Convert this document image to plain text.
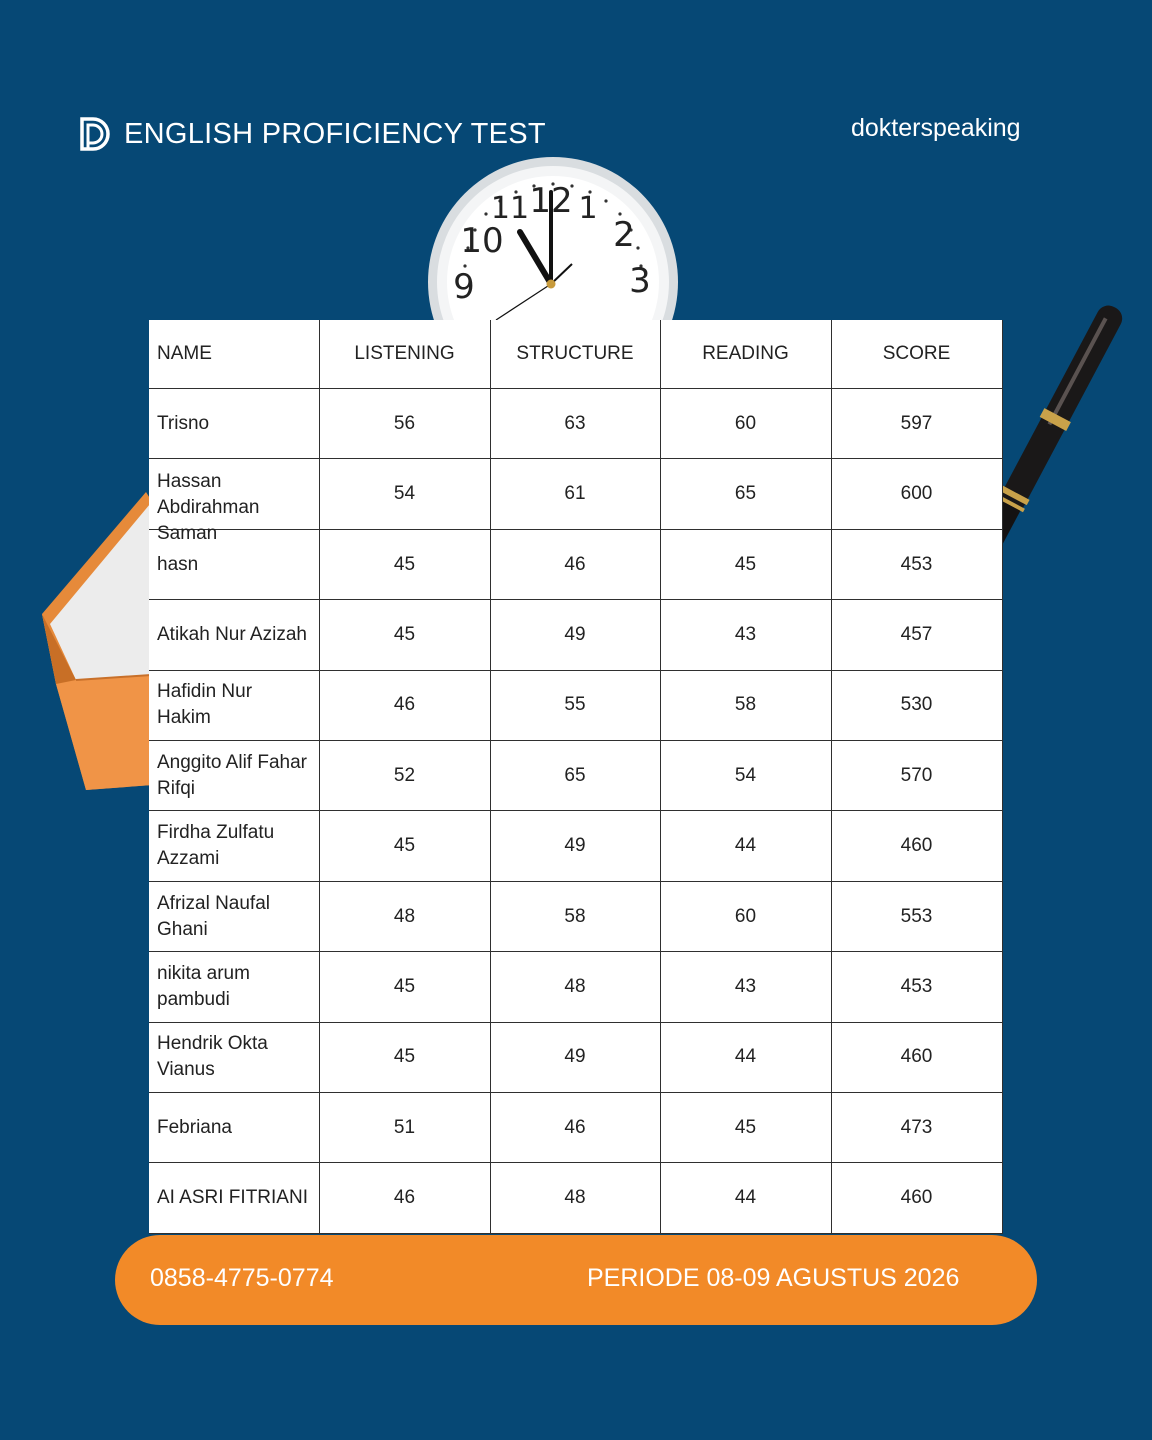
ENGLISH PROFICIENCY TEST	dokterspeaking
12 1
2
3
11
10
9
NAME	LISTENING	STRUCTURE	READING	SCORE

Trisno	56	63	60	597

Hassan Abdirahman Saman	54	61	65	600

hasn	45	46	45	453

Atikah Nur Azizah	45	49	43	457

Hafidin Nur Hakim	46	55	58	530

Anggito Alif Fahar Rifqi	52	65	54	570

Firdha Zulfatu Azzami	45	49	44	460

Afrizal Naufal Ghani	48	58	60	553

nikita arum pambudi	45	48	43	453

Hendrik Okta Vianus	45	49	44	460

Febriana	51	46	45	473

AI ASRI FITRIANI	46	48	44	460
0858-4775-0774	PERIODE 08-09 AGUSTUS 2026
